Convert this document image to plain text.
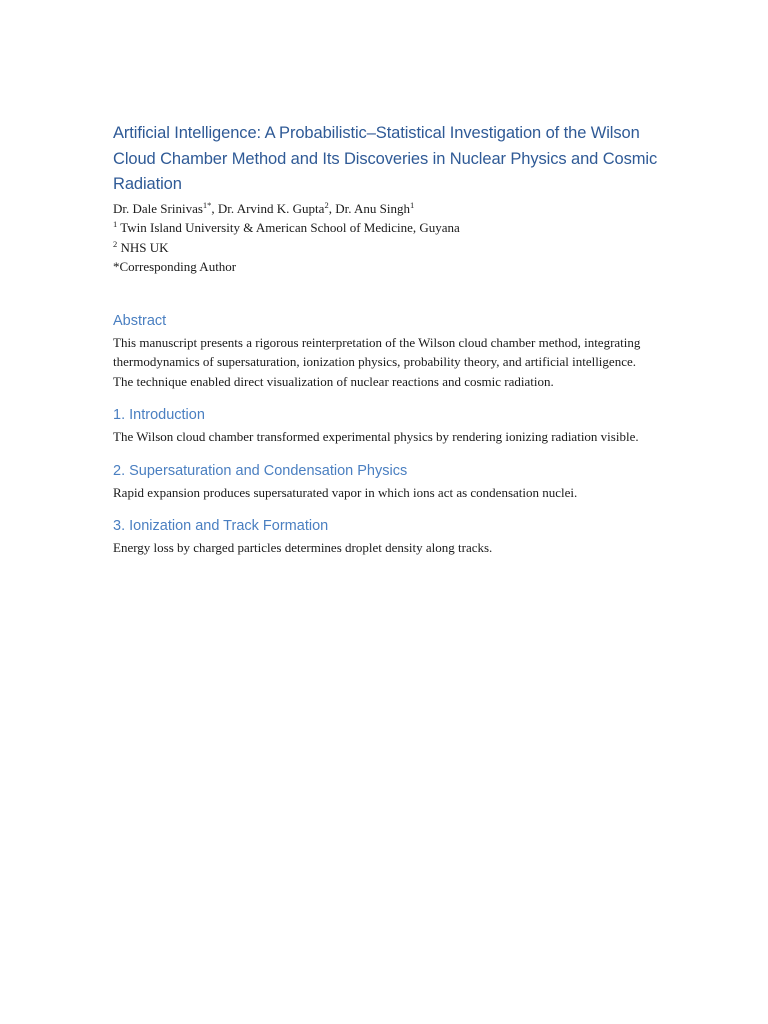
Artificial Intelligence: A Probabilistic–Statistical Investigation of the Wilson Cloud Chamber Method and Its Discoveries in Nuclear Physics and Cosmic Radiation

Dr. Dale Srinivas$^{1*}$, Dr. Arvind K. Gupta$^2$, Dr. Anu Singh$^1$

$^1$ Twin Island University & American School of Medicine, Guyana

$^2$ NHS UK

*Corresponding Author

Abstract

This manuscript presents a rigorous reinterpretation of the Wilson cloud chamber method, integrating thermodynamics of supersaturation, ionization physics, probability theory, and artificial intelligence. The technique enabled direct visualization of nuclear reactions and cosmic radiation.

1. Introduction

The Wilson cloud chamber transformed experimental physics by rendering ionizing radiation visible.

2. Supersaturation and Condensation Physics

Rapid expansion produces supersaturated vapor in which ions act as condensation nuclei.

3. Ionization and Track Formation

Energy loss by charged particles determines droplet density along tracks.
